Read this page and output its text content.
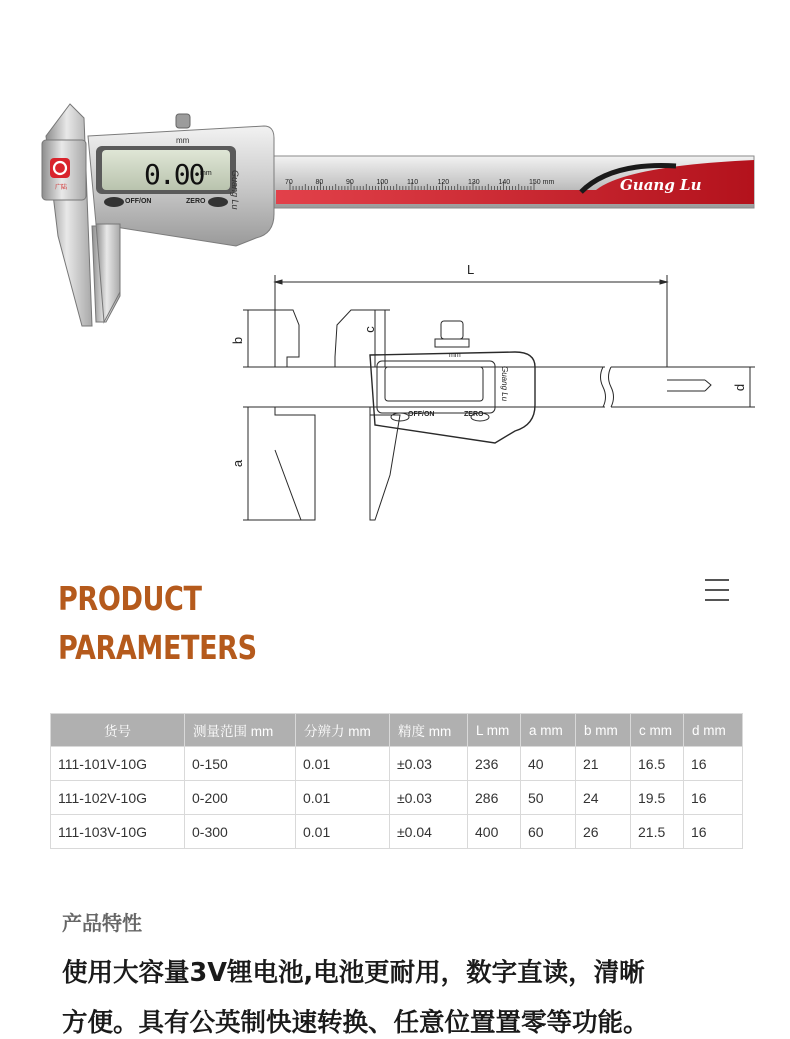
mm
0.00
mm
OFF/ON	ZERO	Guang Lu
广陆	Guang Lu
70	80	90	100	110	120	130	140	150 mm
L
b
c
a
d
mm
OFF/ON	ZERO
Guang Lu
PRODUCT
PARAMETERS
货号	测量范围 mm	分辨力 mm	精度 mm	L mm	a mm	b mm	c mm	d mm
111-101V-10G	0-150	0.01	±0.03	236	40	21	16.5	16
111-102V-10G	0-200	0.01	±0.03	286	50	24	19.5	16
111-103V-10G	0-300	0.01	±0.04	400	60	26	21.5	16
产品特性
使用大容量3V锂电池,电池更耐用，数字直读，清晰
方便。具有公英制快速转换、任意位置置零等功能。
